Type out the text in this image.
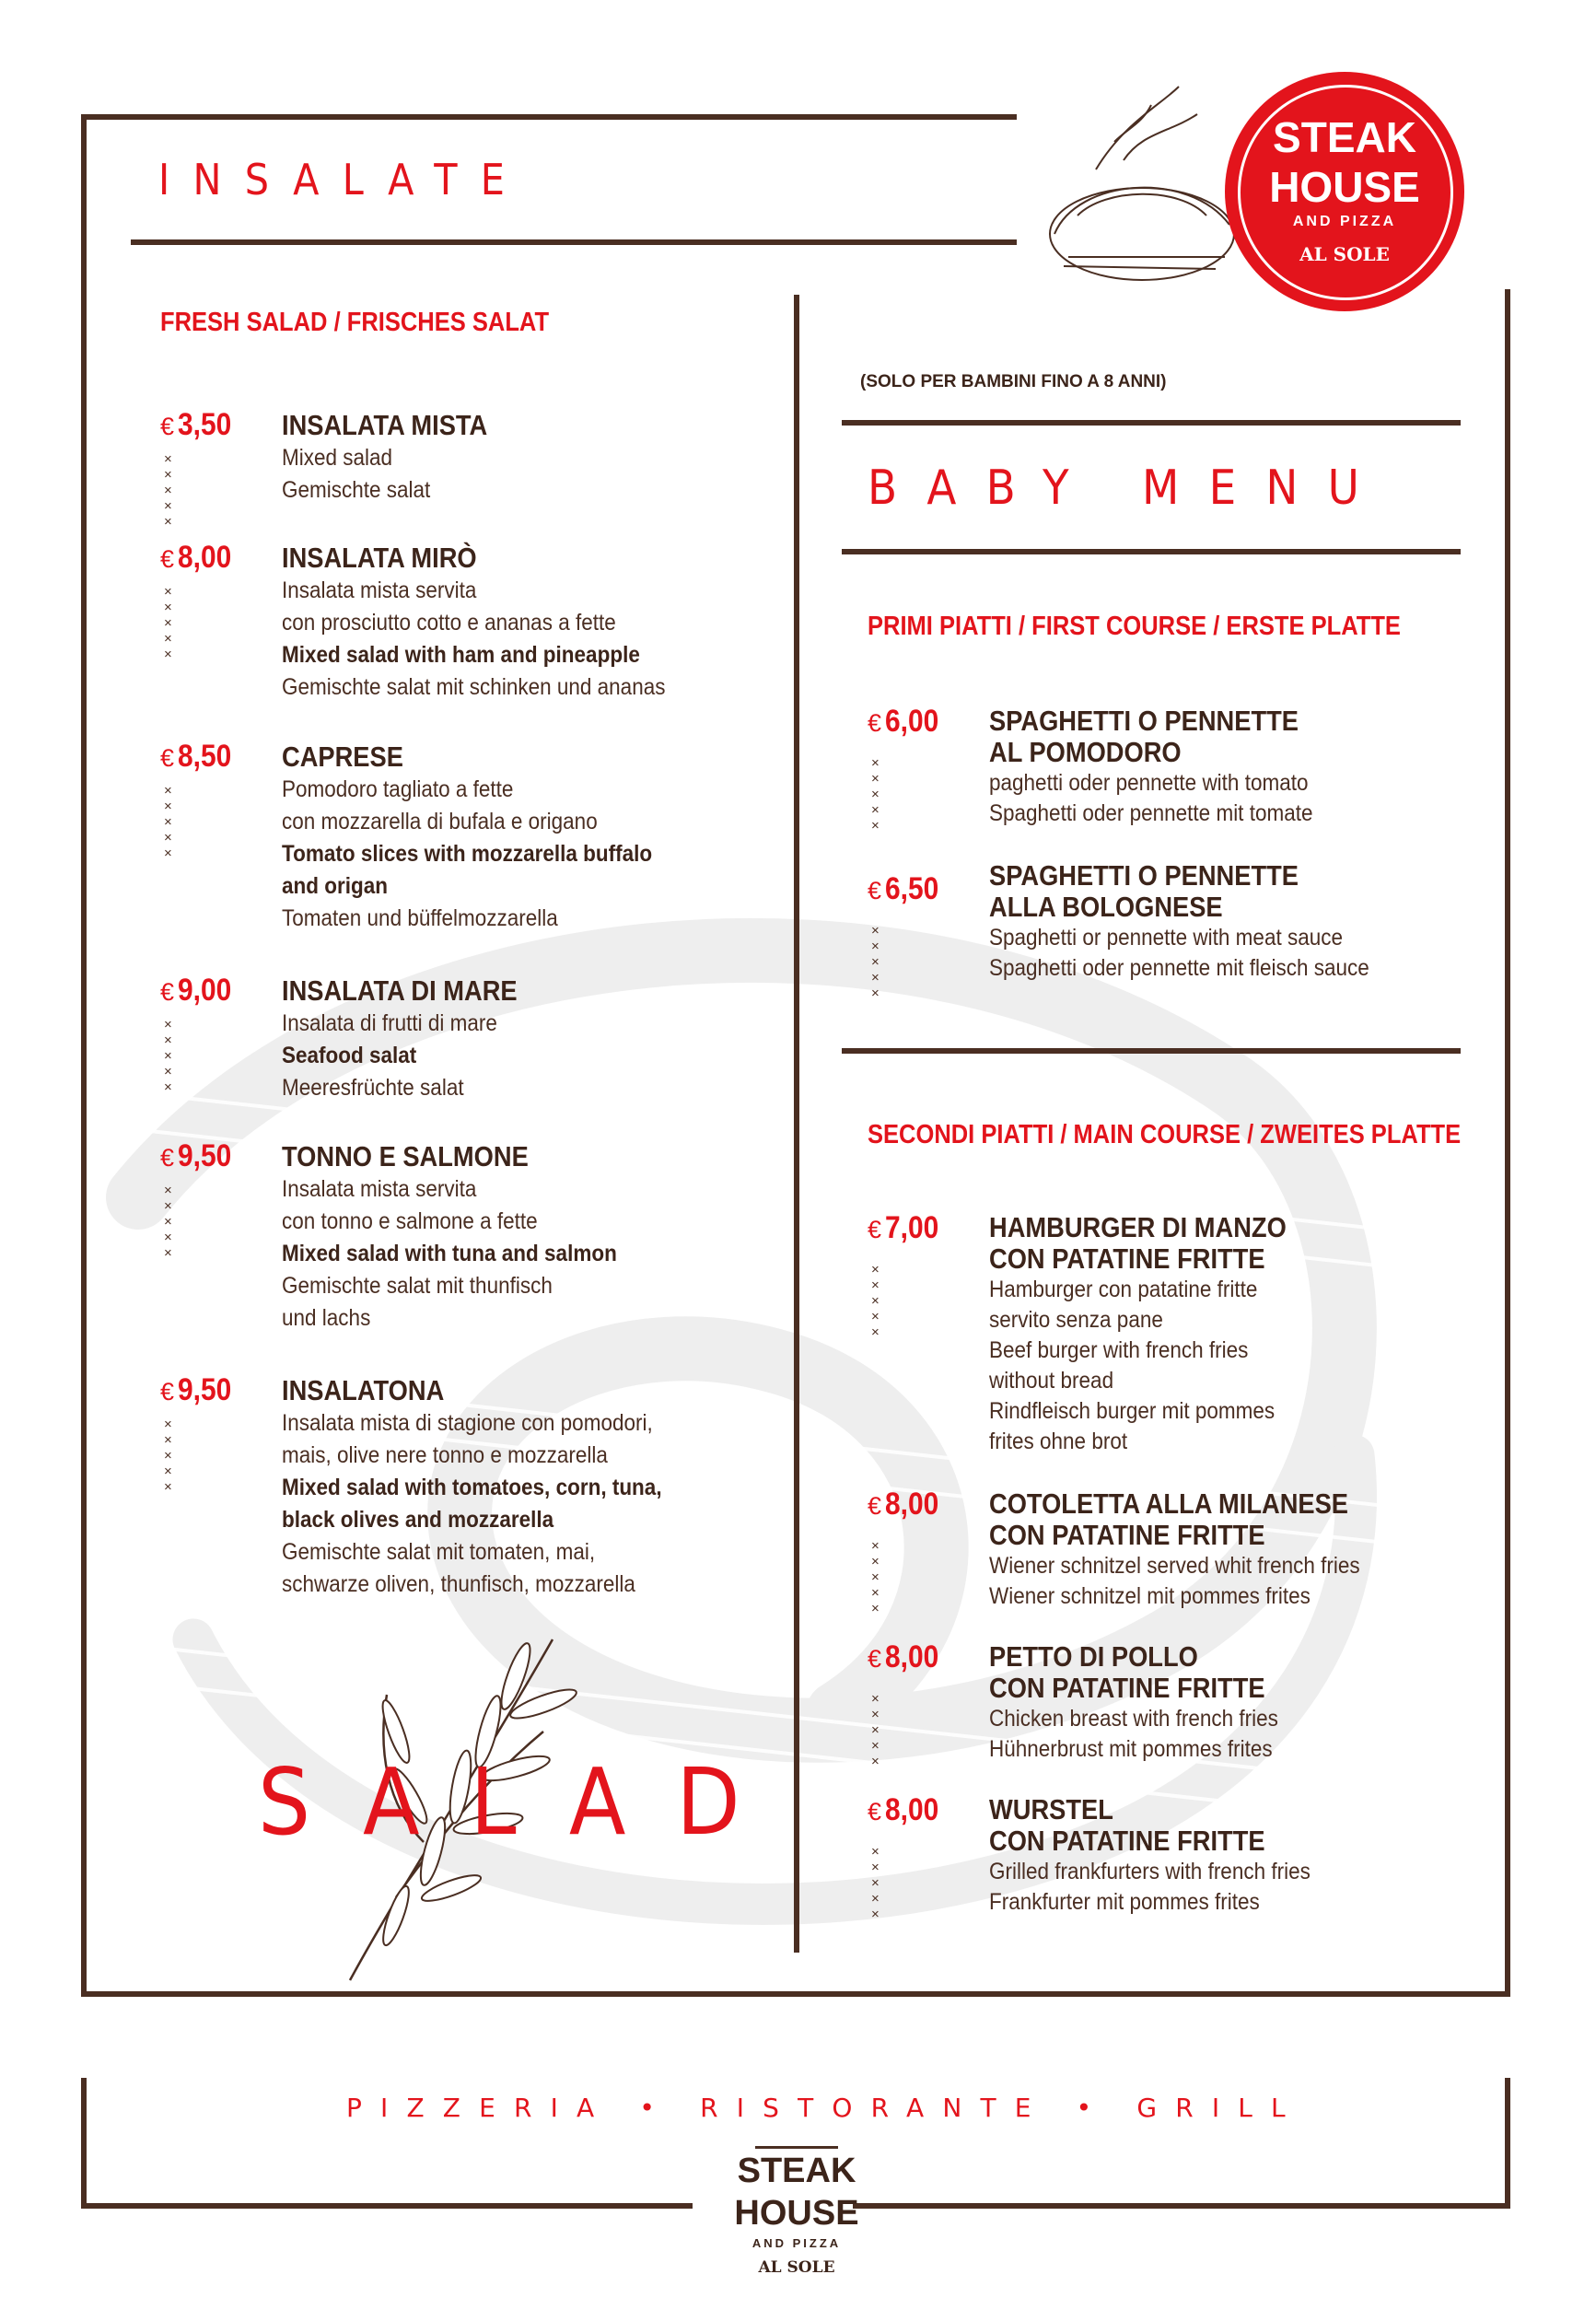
STEAK
HOUSE
AND PIZZA
AL SOLE
INSALATE
FRESH SALAD / FRISCHES SALAT
€ 3,50
× × × × ×
INSALATA MISTA
Mixed salad
Gemischte salat
€ 8,00
× × × × ×
INSALATA MIRÒ
Insalata mista servita
con prosciutto cotto e ananas a fette
Mixed salad with ham and pineapple
Gemischte salat mit schinken und ananas
€ 8,50
× × × × ×
CAPRESE
Pomodoro tagliato a fette
con mozzarella di bufala e origano
Tomato slices with mozzarella buffalo
and origan
Tomaten und büffelmozzarella
€ 9,00
× × × × ×
INSALATA DI MARE
Insalata di frutti di mare
Seafood salat
Meeresfrüchte salat
€ 9,50
× × × × ×
TONNO E SALMONE
Insalata mista servita
con tonno e salmone a fette
Mixed salad with tuna and salmon
Gemischte salat mit thunfisch
und lachs
€ 9,50
× × × × ×
INSALATONA
Insalata mista di stagione con pomodori,
mais, olive nere tonno e mozzarella
Mixed salad with tomatoes, corn, tuna,
black olives and mozzarella
Gemischte salat mit tomaten, mai,
schwarze oliven, thunfisch, mozzarella
SALAD
(SOLO PER BAMBINI FINO A 8 ANNI)
BABY MENU
PRIMI PIATTI / FIRST COURSE / ERSTE PLATTE
€ 6,00
× × × × ×
SPAGHETTI O PENNETTE
AL POMODORO
paghetti oder pennette with tomato
Spaghetti oder pennette mit tomate
€ 6,50
× × × × ×
SPAGHETTI O PENNETTE
ALLA BOLOGNESE
Spaghetti or pennette with meat sauce
Spaghetti oder pennette mit fleisch sauce
SECONDI PIATTI / MAIN COURSE / ZWEITES PLATTE
€ 7,00
× × × × ×
HAMBURGER DI MANZO
CON PATATINE FRITTE
Hamburger con patatine fritte
servito senza pane
Beef burger with french fries
without bread
Rindfleisch burger mit pommes
frites ohne brot
€ 8,00
× × × × ×
COTOLETTA ALLA MILANESE
CON PATATINE FRITTE
Wiener schnitzel served whit french fries
Wiener schnitzel mit pommes frites
€ 8,00
× × × × ×
PETTO DI POLLO
CON PATATINE FRITTE
Chicken breast with french fries
Hühnerbrust mit pommes frites
€ 8,00
× × × × ×
WURSTEL
CON PATATINE FRITTE
Grilled frankfurters with french fries
Frankfurter mit pommes frites
PIZZERIA • RISTORANTE • GRILL
STEAK
HOUSE
AND PIZZA
AL SOLE
